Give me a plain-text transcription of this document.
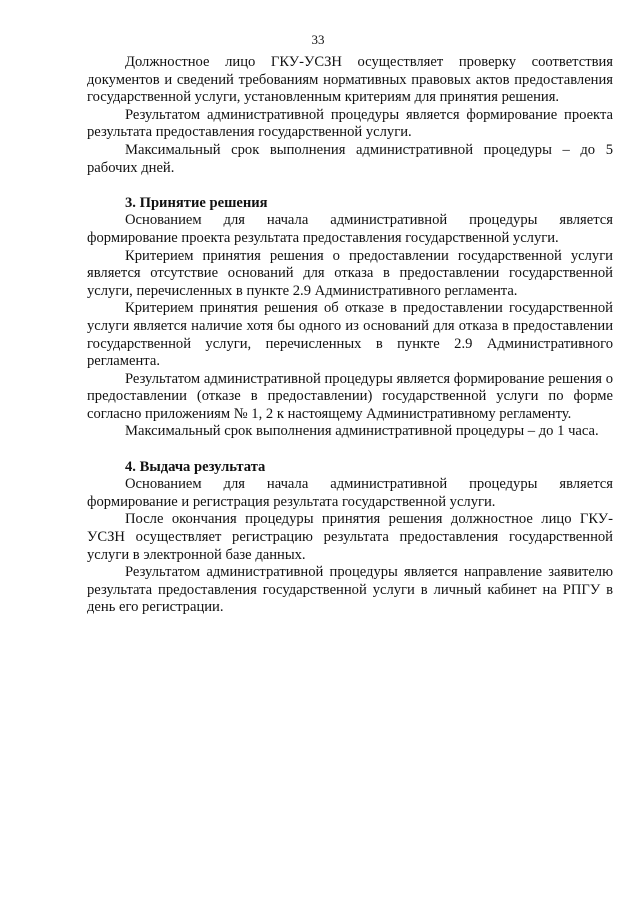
33

Должностное лицо ГКУ-УСЗН осуществляет проверку соответствия документов и сведений требованиям нормативных правовых актов предоставления государственной услуги, установленным критериям для принятия решения.

Результатом административной процедуры является формирование проекта результата предоставления государственной услуги.

Максимальный срок выполнения административной процедуры – до 5 рабочих дней.

3. Принятие решения

Основанием для начала административной процедуры является формирование проекта результата предоставления государственной услуги.

Критерием принятия решения о предоставлении государственной услуги является отсутствие оснований для отказа в предоставлении государственной услуги, перечисленных в пункте 2.9 Административного регламента.

Критерием принятия решения об отказе в предоставлении государственной услуги является наличие хотя бы одного из оснований для отказа в предоставлении государственной услуги, перечисленных в пункте 2.9 Административного регламента.

Результатом административной процедуры является формирование решения о предоставлении (отказе в предоставлении) государственной услуги по форме согласно приложениям № 1, 2 к настоящему Административному регламенту.

Максимальный срок выполнения административной процедуры – до 1 часа.

4. Выдача результата

Основанием для начала административной процедуры является формирование и регистрация результата государственной услуги.

После окончания процедуры принятия решения должностное лицо ГКУ-УСЗН осуществляет регистрацию результата предоставления государственной услуги в электронной базе данных.

Результатом административной процедуры является направление заявителю результата предоставления государственной услуги в личный кабинет на РПГУ в день его регистрации.
